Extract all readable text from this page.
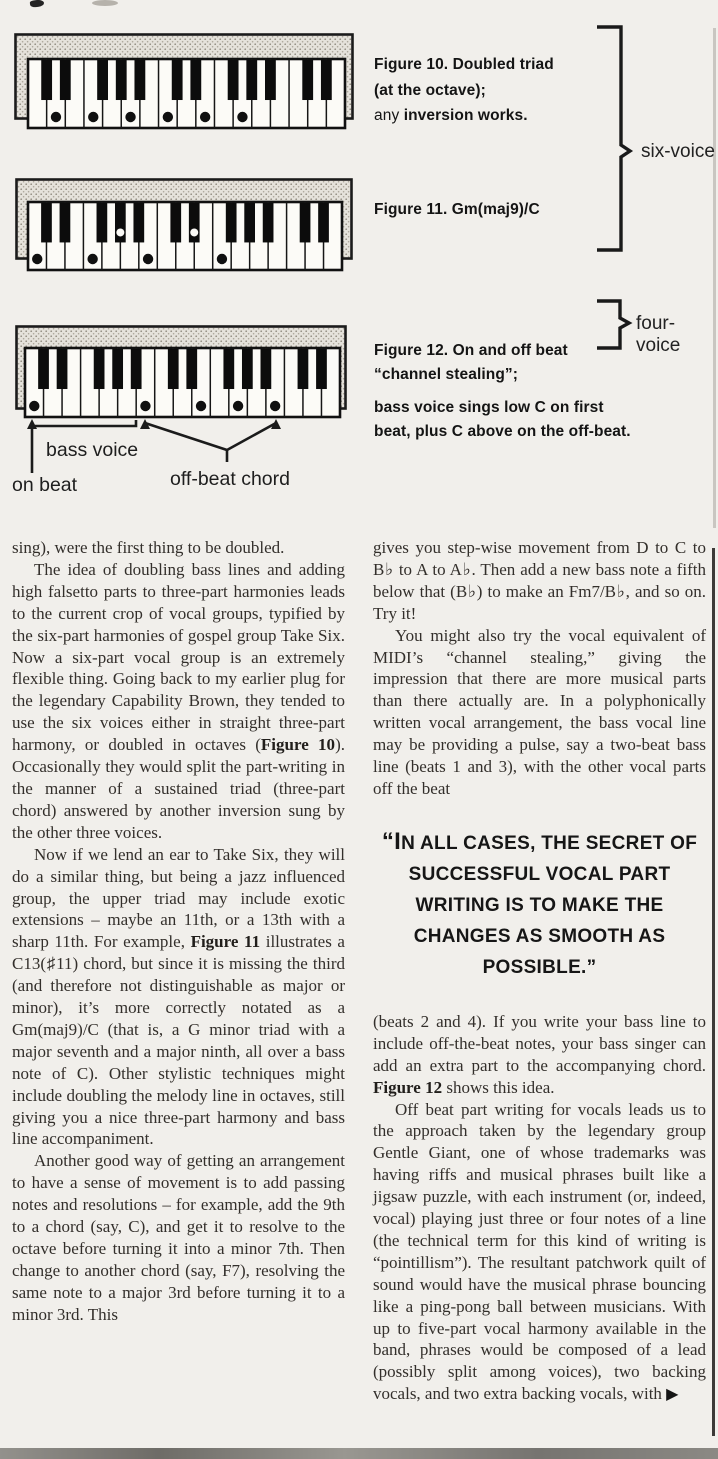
bass voice
on beat	off-beat chord
Figure 10. Doubled triad
(at the octave);
any inversion works.
Figure 11. Gm(maj9)/C
Figure 12. On and off beat
“channel stealing”;
bass voice sings low C on first
beat, plus C above on the off-beat.
six-voice
four-voice

sing), were the first thing to be doubled.

The idea of doubling bass lines and adding high falsetto parts to three-part harmonies leads to the current crop of vocal groups, typified by the six-part harmonies of gospel group Take Six. Now a six-part vocal group is an extremely flexible thing. Going back to my earlier plug for the legendary Capability Brown, they tended to use the six voices either in straight three-part harmony, or doubled in octaves (Figure 10). Occasionally they would split the part-writing in the manner of a sustained triad (three-part chord) answered by another inversion sung by the other three voices.

Now if we lend an ear to Take Six, they will do a similar thing, but being a jazz influenced group, the upper triad may include exotic extensions – maybe an 11th, or a 13th with a sharp 11th. For example, Figure 11 illustrates a C13(♯11) chord, but since it is missing the third (and therefore not distinguishable as major or minor), it’s more correctly notated as a Gm(maj9)/C (that is, a G minor triad with a major seventh and a major ninth, all over a bass note of C). Other stylistic techniques might include doubling the melody line in octaves, still giving you a nice three-part harmony and bass line accompaniment.

Another good way of getting an arrangement to have a sense of movement is to add passing notes and resolutions – for example, add the 9th to a chord (say, C), and get it to resolve to the octave before turning it into a minor 7th. Then change to another chord (say, F7), resolving the same note to a major 3rd before turning it to a minor 3rd. This

gives you step-wise movement from D to C to B♭ to A to A♭. Then add a new bass note a fifth below that (B♭) to make an Fm7/B♭, and so on. Try it!

You might also try the vocal equivalent of MIDI’s “channel stealing,” giving the impression that there are more musical parts than there actually are. In a polyphonically written vocal arrangement, the bass vocal line may be providing a pulse, say a two-beat bass line (beats 1 and 3), with the other vocal parts off the beat

“IN ALL CASES, THE SECRET OF
SUCCESSFUL VOCAL PART
WRITING IS TO MAKE THE
CHANGES AS SMOOTH AS
POSSIBLE.”

(beats 2 and 4). If you write your bass line to include off-the-beat notes, your bass singer can add an extra part to the accompanying chord. Figure 12 shows this idea.

Off beat part writing for vocals leads us to the approach taken by the legendary group Gentle Giant, one of whose trademarks was having riffs and musical phrases built like a jigsaw puzzle, with each instrument (or, indeed, vocal) playing just three or four notes of a line (the technical term for this kind of writing is “pointillism”). The resultant patchwork quilt of sound would have the musical phrase bouncing like a ping-pong ball between musicians. With up to five-part vocal harmony available in the band, phrases would be composed of a lead (possibly split among voices), two backing vocals, and two extra backing vocals, with ▶
